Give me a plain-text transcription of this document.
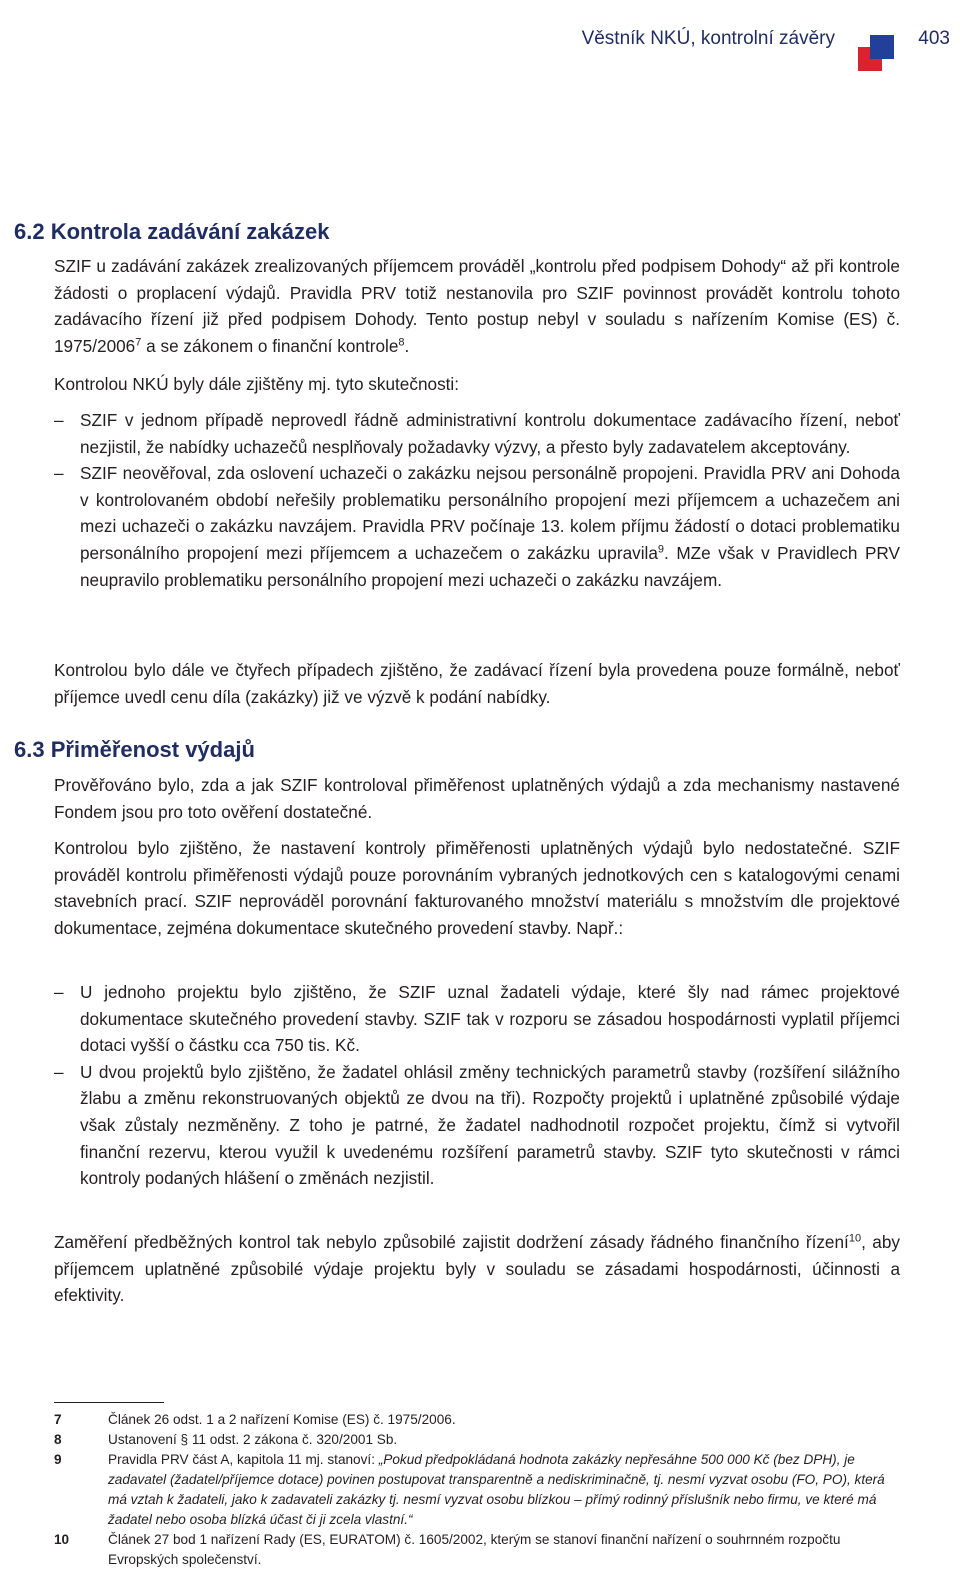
Věstník NKÚ, kontrolní závěry	403
6.2 Kontrola zadávání zakázek

SZIF u zadávání zakázek zrealizovaných příjemcem prováděl „kontrolu před podpisem Dohody“ až při kontrole žádosti o proplacení výdajů. Pravidla PRV totiž nestanovila pro SZIF povinnost provádět kontrolu tohoto zadávacího řízení již před podpisem Dohody. Tento postup nebyl v souladu s nařízením Komise (ES) č. 1975/2006$^7$ a se zákonem o finanční kontrole$^8$.

Kontrolou NKÚ byly dále zjištěny mj. tyto skutečnosti:

– SZIF v jednom případě neprovedl řádně administrativní kontrolu dokumentace zadávacího řízení, neboť nezjistil, že nabídky uchazečů nesplňovaly požadavky výzvy, a přesto byly zadavatelem akceptovány.
– SZIF neověřoval, zda oslovení uchazeči o zakázku nejsou personálně propojeni. Pravidla PRV ani Dohoda v kontrolovaném období neřešily problematiku personálního propojení mezi příjemcem a uchazečem ani mezi uchazeči o zakázku navzájem. Pravidla PRV počínaje 13. kolem příjmu žádostí o dotaci problematiku personálního propojení mezi příjemcem a uchazečem o zakázku upravila$^9$. MZe však v Pravidlech PRV neupravilo problematiku personálního propojení mezi uchazeči o zakázku navzájem.

Kontrolou bylo dále ve čtyřech případech zjištěno, že zadávací řízení byla provedena pouze formálně, neboť příjemce uvedl cenu díla (zakázky) již ve výzvě k podání nabídky.

6.3 Přiměřenost výdajů

Prověřováno bylo, zda a jak SZIF kontroloval přiměřenost uplatněných výdajů a zda mechanismy nastavené Fondem jsou pro toto ověření dostatečné.

Kontrolou bylo zjištěno, že nastavení kontroly přiměřenosti uplatněných výdajů bylo nedostatečné. SZIF prováděl kontrolu přiměřenosti výdajů pouze porovnáním vybraných jednotkových cen s katalogovými cenami stavebních prací. SZIF neprováděl porovnání fakturovaného množství materiálu s množstvím dle projektové dokumentace, zejména dokumentace skutečného provedení stavby. Např.:

– U jednoho projektu bylo zjištěno, že SZIF uznal žadateli výdaje, které šly nad rámec projektové dokumentace skutečného provedení stavby. SZIF tak v rozporu se zásadou hospodárnosti vyplatil příjemci dotaci vyšší o částku cca 750 tis. Kč.
– U dvou projektů bylo zjištěno, že žadatel ohlásil změny technických parametrů stavby (rozšíření silážního žlabu a změnu rekonstruovaných objektů ze dvou na tři). Rozpočty projektů i uplatněné způsobilé výdaje však zůstaly nezměněny. Z toho je patrné, že žadatel nadhodnotil rozpočet projektu, čímž si vytvořil finanční rezervu, kterou využil k uvedenému rozšíření parametrů stavby. SZIF tyto skutečnosti v rámci kontroly podaných hlášení o změnách nezjistil.

Zaměření předběžných kontrol tak nebylo způsobilé zajistit dodržení zásady řádného finančního řízení$^{10}$, aby příjemcem uplatněné způsobilé výdaje projektu byly v souladu se zásadami hospodárnosti, účinnosti a efektivity.

7	Článek 26 odst. 1 a 2 nařízení Komise (ES) č. 1975/2006.
8	Ustanovení § 11 odst. 2 zákona č. 320/2001 Sb.
9	Pravidla PRV část A, kapitola 11 mj. stanoví: „Pokud předpokládaná hodnota zakázky nepřesáhne 500 000 Kč (bez DPH), je zadavatel (žadatel/příjemce dotace) povinen postupovat transparentně a nediskriminačně, tj. nesmí vyzvat osobu (FO, PO), která má vztah k žadateli, jako k zadavateli zakázky tj. nesmí vyzvat osobu blízkou – přímý rodinný příslušník nebo firmu, ve které má žadatel nebo osoba blízká účast či ji zcela vlastní.“
10	Článek 27 bod 1 nařízení Rady (ES, EURATOM) č. 1605/2002, kterým se stanoví finanční nařízení o souhrnném rozpočtu Evropských společenství.
